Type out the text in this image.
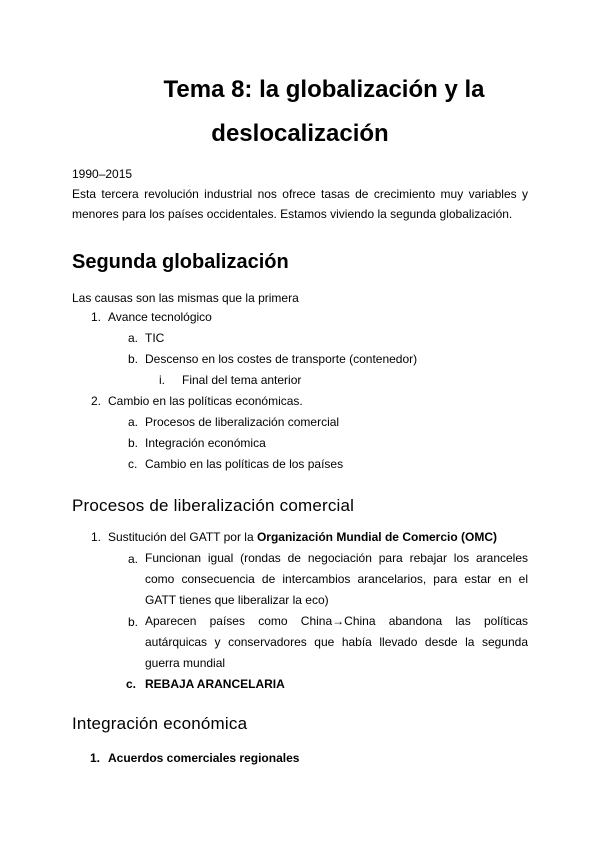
Tema 8: la globalización y la
deslocalización
1990–2015
Esta tercera revolución industrial nos ofrece tasas de crecimiento muy variables y
menores para los países occidentales. Estamos viviendo la segunda globalización.
Segunda globalización
Las causas son las mismas que la primera
1. Avance tecnológico
a. TIC
b. Descenso en los costes de transporte (contenedor)
i. Final del tema anterior
2. Cambio en las políticas económicas.
a. Procesos de liberalización comercial
b. Integración económica
c. Cambio en las políticas de los países
Procesos de liberalización comercial
1. Sustitución del GATT por la Organización Mundial de Comercio (OMC)
a. Funcionan igual (rondas de negociación para rebajar los aranceles
como consecuencia de intercambios arancelarios, para estar en el
GATT tienes que liberalizar la eco)
b. Aparecen países como China→China abandona las políticas
autárquicas y conservadores que había llevado desde la segunda
guerra mundial
c. REBAJA ARANCELARIA
Integración económica
1. Acuerdos comerciales regionales
